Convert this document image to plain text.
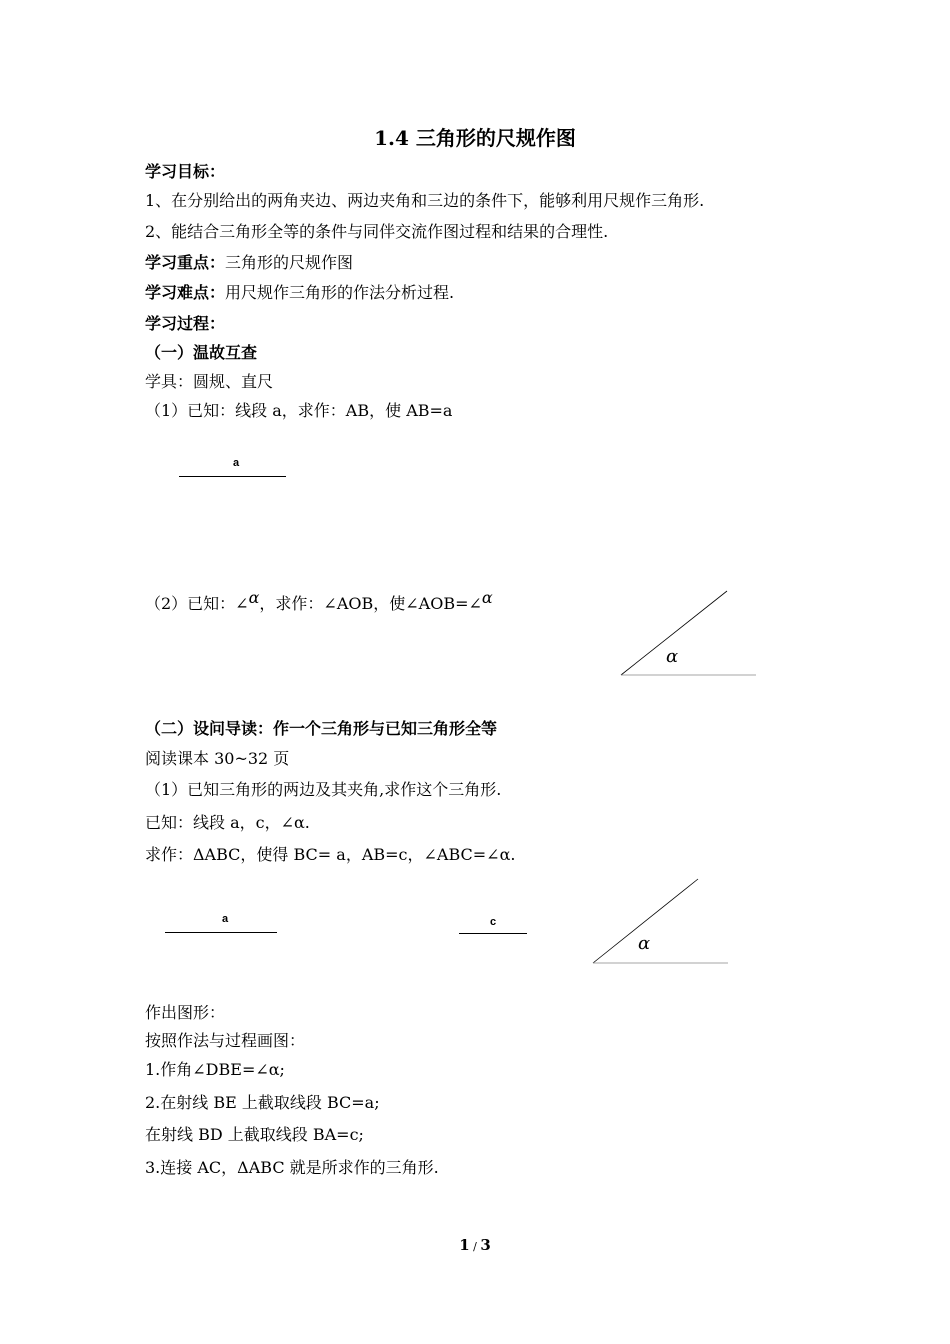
1.4 三角形的尺规作图
学习目标：
1、在分别给出的两角夹边、两边夹角和三边的条件下，能够利用尺规作三角形.
2、能结合三角形全等的条件与同伴交流作图过程和结果的合理性.
学习重点：三角形的尺规作图
学习难点：用尺规作三角形的作法分析过程.
学习过程：
（一）温故互查
学具：圆规、直尺
（1）已知：线段 a，求作：AB，使 AB=a
a
（2）已知：∠α，求作：∠AOB，使∠AOB=∠α
α
（二）设问导读：作一个三角形与已知三角形全等
阅读课本 30~32 页
（1）已知三角形的两边及其夹角,求作这个三角形.
已知：线段 a，c，∠α.
求作：ΔABC，使得 BC= a，AB=c，∠ABC=∠α.
a	c
α
作出图形：
按照作法与过程画图：
1.作角∠DBE=∠α;
2.在射线 BE 上截取线段 BC=a;
在射线 BD 上截取线段 BA=c;
3.连接 AC，ΔABC 就是所求作的三角形.
1 / 3
